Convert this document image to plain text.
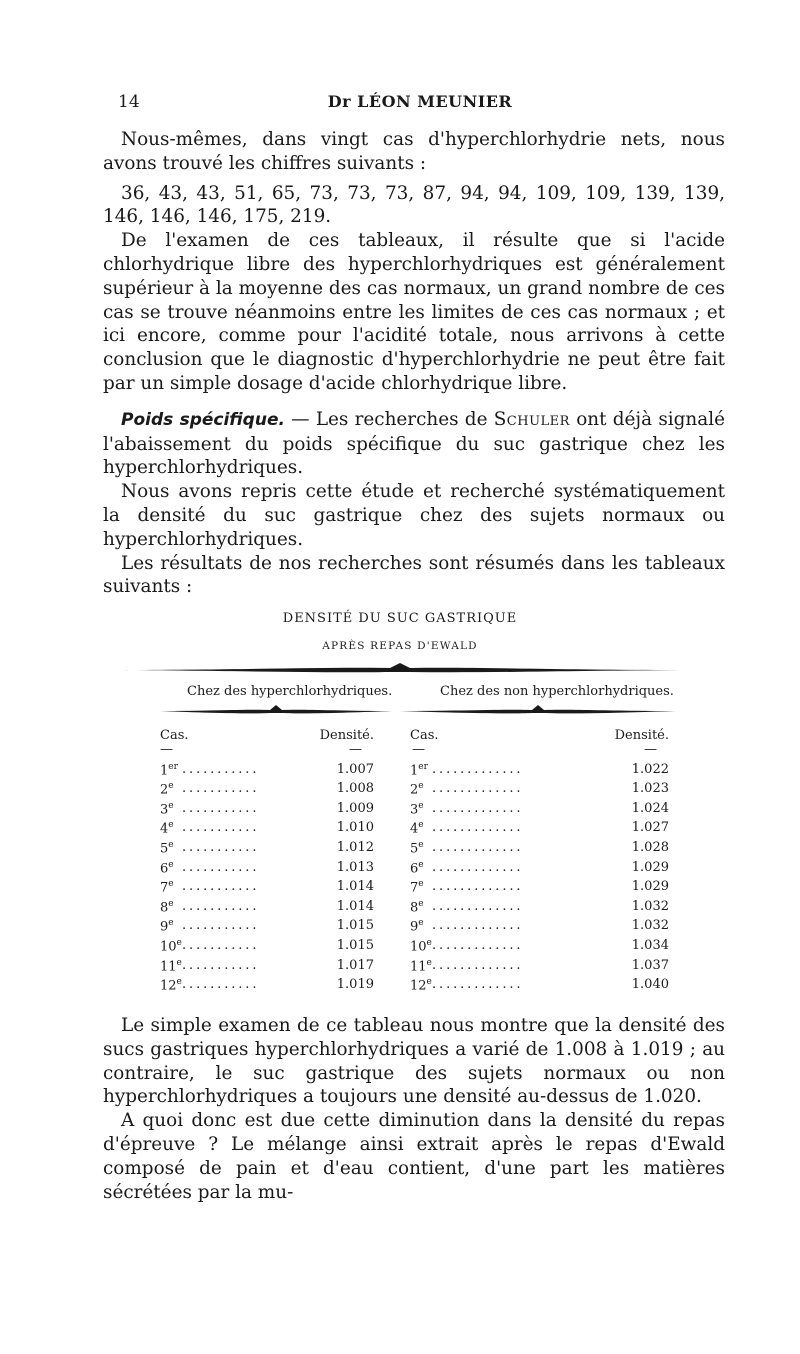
14	Dr LÉON MEUNIER

Nous-mêmes, dans vingt cas d'hyperchlorhydrie nets, nous avons trouvé les chiffres suivants :

36, 43, 43, 51, 65, 73, 73, 73, 87, 94, 94, 109, 109, 139, 139, 146, 146, 146, 175, 219.

De l'examen de ces tableaux, il résulte que si l'acide chlorhydrique libre des hyperchlorhydriques est généralement supérieur à la moyenne des cas normaux, un grand nombre de ces cas se trouve néanmoins entre les limites de ces cas normaux ; et ici encore, comme pour l'acidité totale, nous arrivons à cette conclusion que le diagnostic d'hyperchlorhydrie ne peut être fait par un simple dosage d'acide chlorhydrique libre.

Poids spécifique. — Les recherches de Schuler ont déjà signalé l'abaissement du poids spécifique du suc gastrique chez les hyperchlorhydriques.

Nous avons repris cette étude et recherché systématiquement la densité du suc gastrique chez des sujets normaux ou hyperchlorhydriques.

Les résultats de nos recherches sont résumés dans les tableaux suivants :

DENSITÉ DU SUC GASTRIQUE
APRÈS REPAS D'EWALD
Chez des hyperchlorhydriques.	Chez des non hyperchlorhydriques.
Cas.	Densité.
—	—
1er ...........	1.007
2e ...........	1.008
3e ...........	1.009
4e ...........	1.010
5e ...........	1.012
6e ...........	1.013
7e ...........	1.014
8e ...........	1.014
9e ...........	1.015
10e ...........	1.015
11e ...........	1.017
12e ...........	1.019
Cas.	Densité.
—	—
1er .............	1.022
2e .............	1.023
3e .............	1.024
4e .............	1.027
5e .............	1.028
6e .............	1.029
7e .............	1.029
8e .............	1.032
9e .............	1.032
10e .............	1.034
11e .............	1.037
12e .............	1.040

Le simple examen de ce tableau nous montre que la densité des sucs gastriques hyperchlorhydriques a varié de 1.008 à 1.019 ; au contraire, le suc gastrique des sujets normaux ou non hyperchlorhydriques a toujours une densité au-dessus de 1.020.

A quoi donc est due cette diminution dans la densité du repas d'épreuve ? Le mélange ainsi extrait après le repas d'Ewald composé de pain et d'eau contient, d'une part les matières sécrétées par la mu-
